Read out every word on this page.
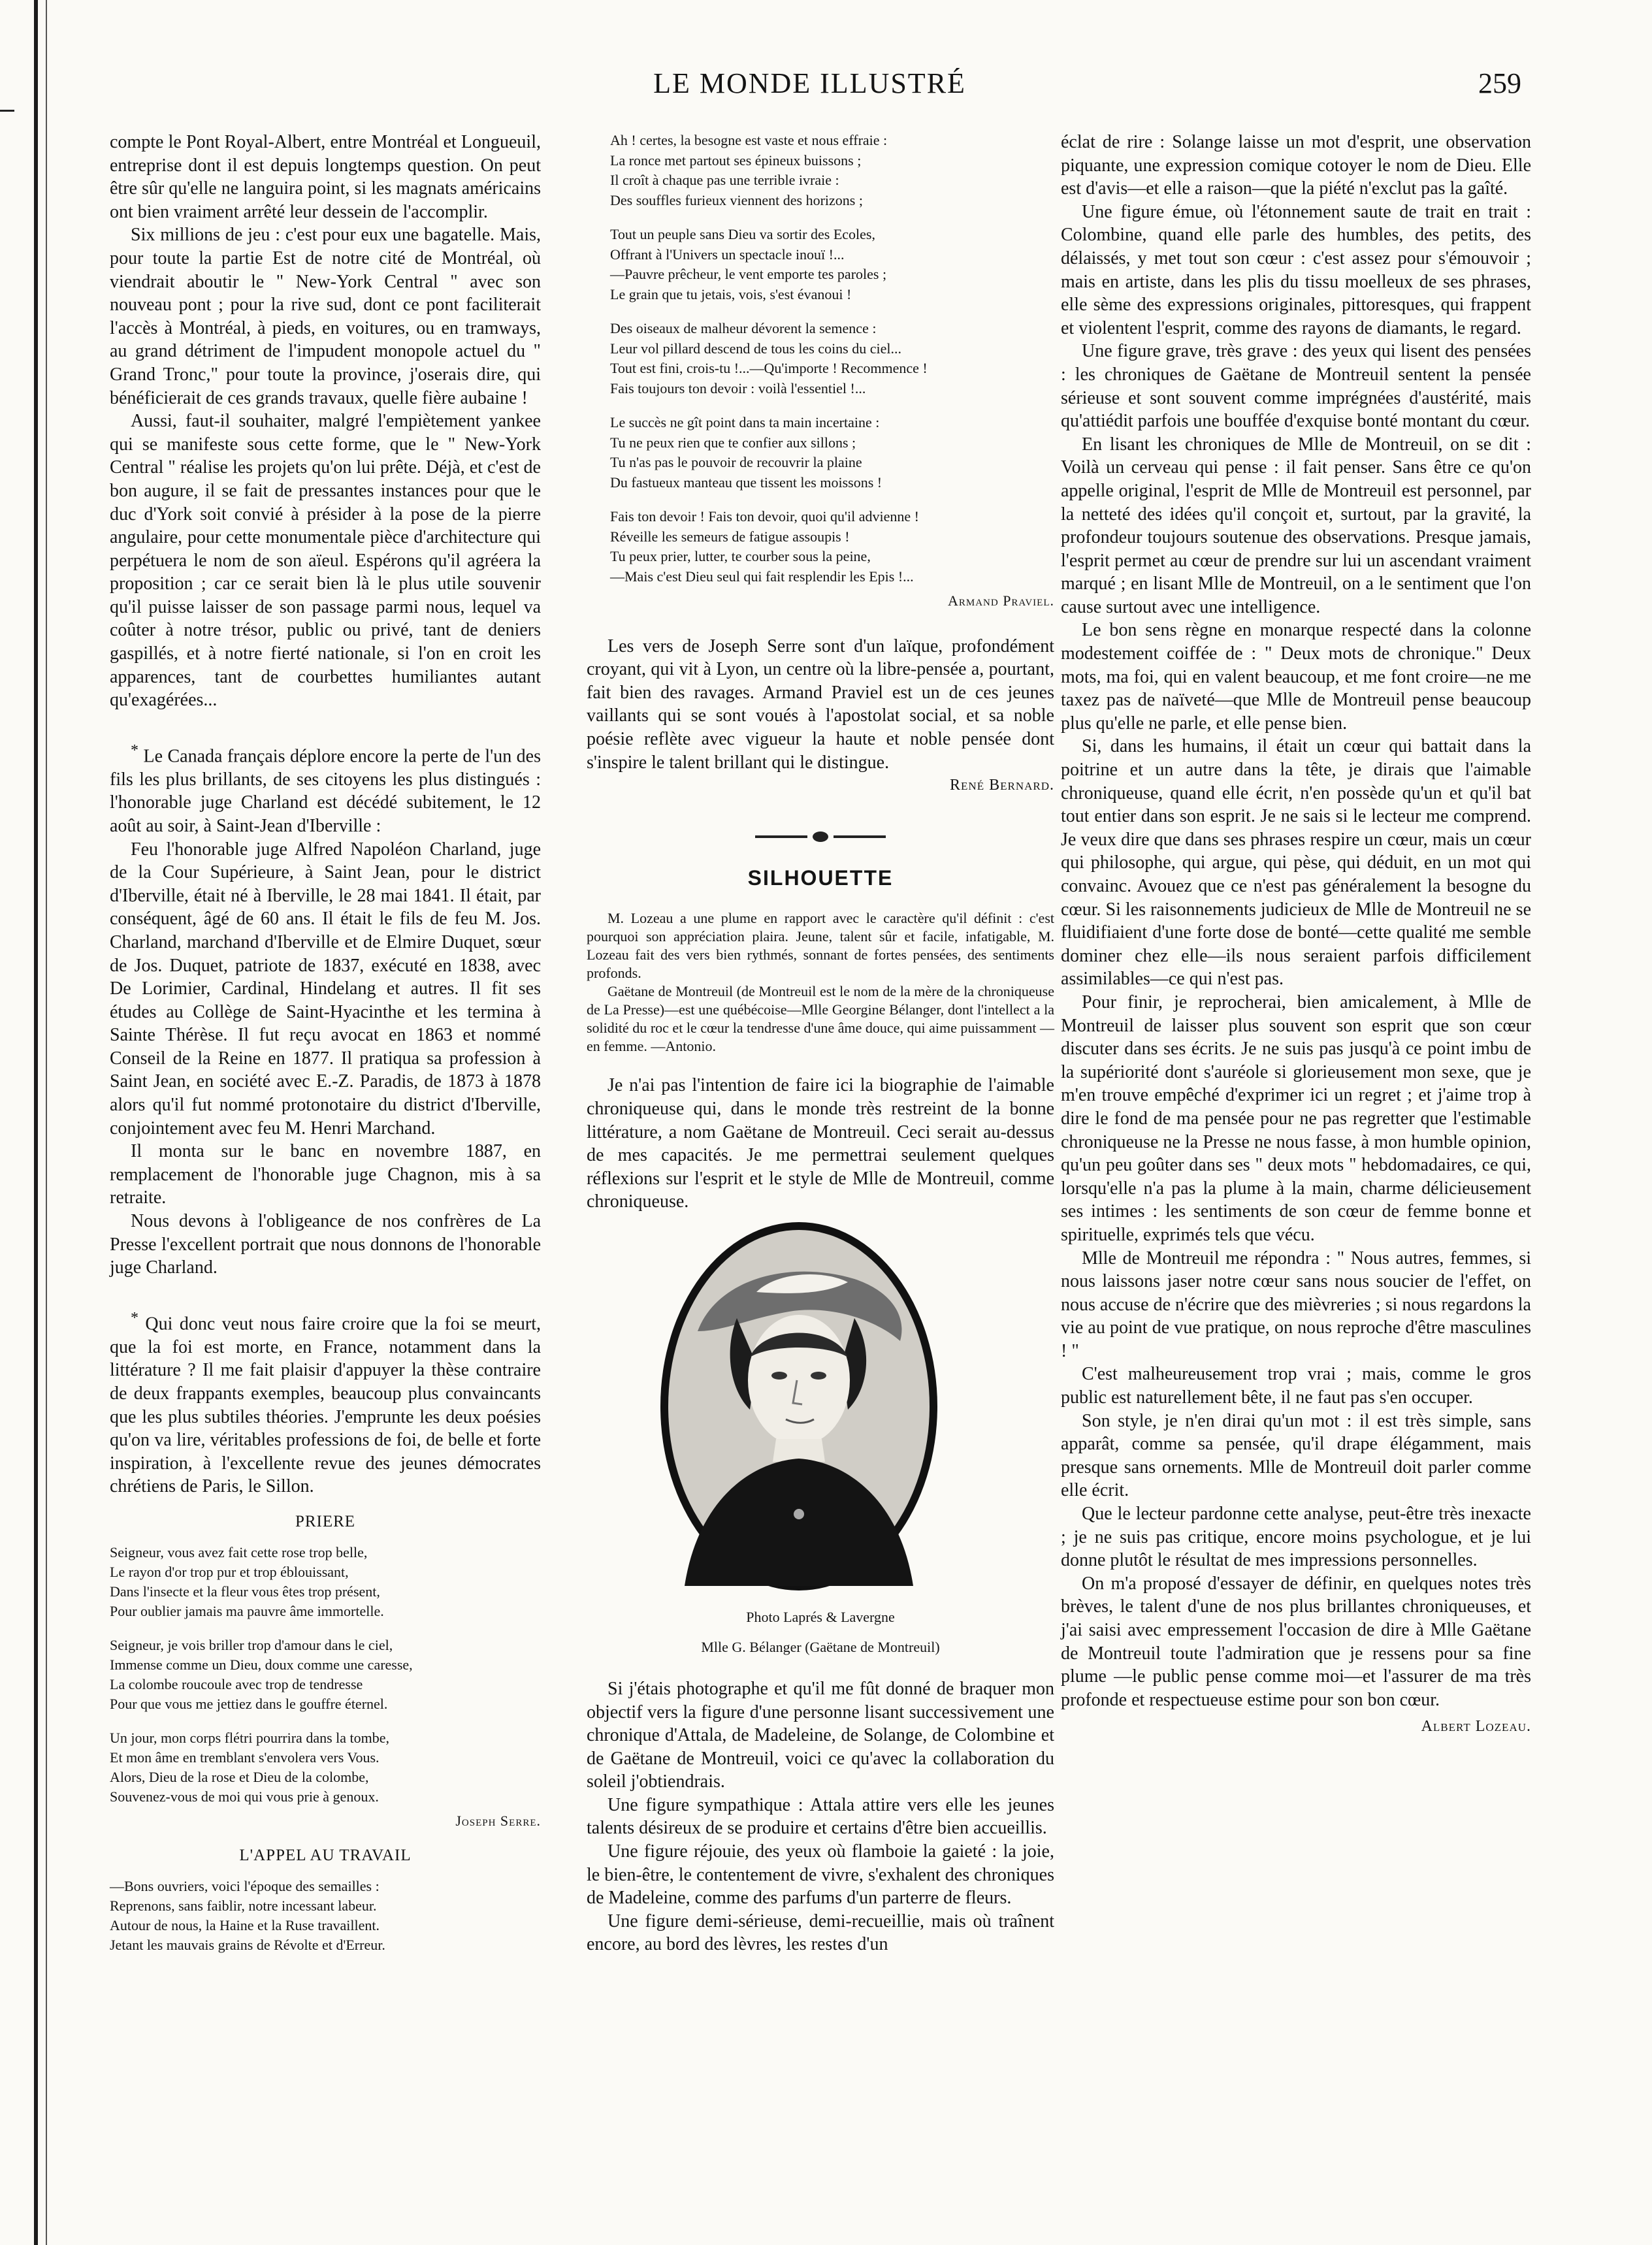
LE MONDE ILLUSTRÉ	259

compte le Pont Royal-Albert, entre Montréal et Longueuil, entreprise dont il est depuis longtemps question. On peut être sûr qu'elle ne languira point, si les magnats américains ont bien vraiment arrêté leur dessein de l'accomplir.

Six millions de jeu : c'est pour eux une bagatelle. Mais, pour toute la partie Est de notre cité de Montréal, où viendrait aboutir le " New-York Central " avec son nouveau pont ; pour la rive sud, dont ce pont faciliterait l'accès à Montréal, à pieds, en voitures, ou en tramways, au grand détriment de l'impudent monopole actuel du " Grand Tronc," pour toute la province, j'oserais dire, qui bénéficierait de ces grands travaux, quelle fière aubaine !

Aussi, faut-il souhaiter, malgré l'empiètement yankee qui se manifeste sous cette forme, que le " New-York Central " réalise les projets qu'on lui prête. Déjà, et c'est de bon augure, il se fait de pressantes instances pour que le duc d'York soit convié à présider à la pose de la pierre angulaire, pour cette monumentale pièce d'architecture qui perpétuera le nom de son aïeul. Espérons qu'il agréera la proposition ; car ce serait bien là le plus utile souvenir qu'il puisse laisser de son passage parmi nous, lequel va coûter à notre trésor, public ou privé, tant de deniers gaspillés, et à notre fierté nationale, si l'on en croit les apparences, tant de courbettes humiliantes autant qu'exagérées...

* Le Canada français déplore encore la perte de l'un des fils les plus brillants, de ses citoyens les plus distingués : l'honorable juge Charland est décédé subitement, le 12 août au soir, à Saint-Jean d'Iberville :

Feu l'honorable juge Alfred Napoléon Charland, juge de la Cour Supérieure, à Saint Jean, pour le district d'Iberville, était né à Iberville, le 28 mai 1841. Il était, par conséquent, âgé de 60 ans. Il était le fils de feu M. Jos. Charland, marchand d'Iberville et de Elmire Duquet, sœur de Jos. Duquet, patriote de 1837, exécuté en 1838, avec De Lorimier, Cardinal, Hindelang et autres. Il fit ses études au Collège de Saint-Hyacinthe et les termina à Sainte Thérèse. Il fut reçu avocat en 1863 et nommé Conseil de la Reine en 1877. Il pratiqua sa profession à Saint Jean, en société avec E.-Z. Paradis, de 1873 à 1878 alors qu'il fut nommé protonotaire du district d'Iberville, conjointement avec feu M. Henri Marchand.

Il monta sur le banc en novembre 1887, en remplacement de l'honorable juge Chagnon, mis à sa retraite.

Nous devons à l'obligeance de nos confrères de La Presse l'excellent portrait que nous donnons de l'honorable juge Charland.

* Qui donc veut nous faire croire que la foi se meurt, que la foi est morte, en France, notamment dans la littérature ? Il me fait plaisir d'appuyer la thèse contraire de deux frappants exemples, beaucoup plus convaincants que les plus subtiles théories. J'emprunte les deux poésies qu'on va lire, véritables professions de foi, de belle et forte inspiration, à l'excellente revue des jeunes démocrates chrétiens de Paris, le Sillon.

PRIERE
Seigneur, vous avez fait cette rose trop belle,
Le rayon d'or trop pur et trop éblouissant,
Dans l'insecte et la fleur vous êtes trop présent,
Pour oublier jamais ma pauvre âme immortelle.
Seigneur, je vois briller trop d'amour dans le ciel,
Immense comme un Dieu, doux comme une caresse,
La colombe roucoule avec trop de tendresse
Pour que vous me jettiez dans le gouffre éternel.
Un jour, mon corps flétri pourrira dans la tombe,
Et mon âme en tremblant s'envolera vers Vous.
Alors, Dieu de la rose et Dieu de la colombe,
Souvenez-vous de moi qui vous prie à genoux.
Joseph Serre.
L'APPEL AU TRAVAIL
—Bons ouvriers, voici l'époque des semailles :
Reprenons, sans faiblir, notre incessant labeur.
Autour de nous, la Haine et la Ruse travaillent.
Jetant les mauvais grains de Révolte et d'Erreur.
Ah ! certes, la besogne est vaste et nous effraie :
La ronce met partout ses épineux buissons ;
Il croît à chaque pas une terrible ivraie :
Des souffles furieux viennent des horizons ;
Tout un peuple sans Dieu va sortir des Ecoles,
Offrant à l'Univers un spectacle inouï !...
—Pauvre prêcheur, le vent emporte tes paroles ;
Le grain que tu jetais, vois, s'est évanoui !
Des oiseaux de malheur dévorent la semence :
Leur vol pillard descend de tous les coins du ciel...
Tout est fini, crois-tu !...—Qu'importe ! Recommence !
Fais toujours ton devoir : voilà l'essentiel !...
Le succès ne gît point dans ta main incertaine :
Tu ne peux rien que te confier aux sillons ;
Tu n'as pas le pouvoir de recouvrir la plaine
Du fastueux manteau que tissent les moissons !
Fais ton devoir ! Fais ton devoir, quoi qu'il advienne !
Réveille les semeurs de fatigue assoupis !
Tu peux prier, lutter, te courber sous la peine,
—Mais c'est Dieu seul qui fait resplendir les Epis !...
Armand Praviel.

Les vers de Joseph Serre sont d'un laïque, profondément croyant, qui vit à Lyon, un centre où la libre-pensée a, pourtant, fait bien des ravages. Armand Praviel est un de ces jeunes vaillants qui se sont voués à l'apostolat social, et sa noble poésie reflète avec vigueur la haute et noble pensée dont s'inspire le talent brillant qui le distingue.

René Bernard.
SILHOUETTE

M. Lozeau a une plume en rapport avec le caractère qu'il définit : c'est pourquoi son appréciation plaira. Jeune, talent sûr et facile, infatigable, M. Lozeau fait des vers bien rythmés, sonnant de fortes pensées, des sentiments profonds.

Gaëtane de Montreuil (de Montreuil est le nom de la mère de la chroniqueuse de La Presse)—est une québécoise—Mlle Georgine Bélanger, dont l'intellect a la solidité du roc et le cœur la tendresse d'une âme douce, qui aime puissamment —en femme. —Antonio.

Je n'ai pas l'intention de faire ici la biographie de l'aimable chroniqueuse qui, dans le monde très restreint de la bonne littérature, a nom Gaëtane de Montreuil. Ceci serait au-dessus de mes capacités. Je me permettrai seulement quelques réflexions sur l'esprit et le style de Mlle de Montreuil, comme chroniqueuse.

Photo Laprés & Lavergne
Mlle G. Bélanger (Gaëtane de Montreuil)

Si j'étais photographe et qu'il me fût donné de braquer mon objectif vers la figure d'une personne lisant successivement une chronique d'Attala, de Madeleine, de Solange, de Colombine et de Gaëtane de Montreuil, voici ce qu'avec la collaboration du soleil j'obtiendrais.

Une figure sympathique : Attala attire vers elle les jeunes talents désireux de se produire et certains d'être bien accueillis.

Une figure réjouie, des yeux où flamboie la gaieté : la joie, le bien-être, le contentement de vivre, s'exhalent des chroniques de Madeleine, comme des parfums d'un parterre de fleurs.

Une figure demi-sérieuse, demi-recueillie, mais où traînent encore, au bord des lèvres, les restes d'un

éclat de rire : Solange laisse un mot d'esprit, une observation piquante, une expression comique cotoyer le nom de Dieu. Elle est d'avis—et elle a raison—que la piété n'exclut pas la gaîté.

Une figure émue, où l'étonnement saute de trait en trait : Colombine, quand elle parle des humbles, des petits, des délaissés, y met tout son cœur : c'est assez pour s'émouvoir ; mais en artiste, dans les plis du tissu moelleux de ses phrases, elle sème des expressions originales, pittoresques, qui frappent et violentent l'esprit, comme des rayons de diamants, le regard.

Une figure grave, très grave : des yeux qui lisent des pensées : les chroniques de Gaëtane de Montreuil sentent la pensée sérieuse et sont souvent comme imprégnées d'austérité, mais qu'attiédit parfois une bouffée d'exquise bonté montant du cœur.

En lisant les chroniques de Mlle de Montreuil, on se dit : Voilà un cerveau qui pense : il fait penser. Sans être ce qu'on appelle original, l'esprit de Mlle de Montreuil est personnel, par la netteté des idées qu'il conçoit et, surtout, par la gravité, la profondeur toujours soutenue des observations. Presque jamais, l'esprit permet au cœur de prendre sur lui un ascendant vraiment marqué ; en lisant Mlle de Montreuil, on a le sentiment que l'on cause surtout avec une intelligence.

Le bon sens règne en monarque respecté dans la colonne modestement coiffée de : " Deux mots de chronique." Deux mots, ma foi, qui en valent beaucoup, et me font croire—ne me taxez pas de naïveté—que Mlle de Montreuil pense beaucoup plus qu'elle ne parle, et elle pense bien.

Si, dans les humains, il était un cœur qui battait dans la poitrine et un autre dans la tête, je dirais que l'aimable chroniqueuse, quand elle écrit, n'en possède qu'un et qu'il bat tout entier dans son esprit. Je ne sais si le lecteur me comprend. Je veux dire que dans ses phrases respire un cœur, mais un cœur qui philosophe, qui argue, qui pèse, qui déduit, en un mot qui convainc. Avouez que ce n'est pas généralement la besogne du cœur. Si les raisonnements judicieux de Mlle de Montreuil ne se fluidifiaient d'une forte dose de bonté—cette qualité me semble dominer chez elle—ils nous seraient parfois difficilement assimilables—ce qui n'est pas.

Pour finir, je reprocherai, bien amicalement, à Mlle de Montreuil de laisser plus souvent son esprit que son cœur discuter dans ses écrits. Je ne suis pas jusqu'à ce point imbu de la supériorité dont s'auréole si glorieusement mon sexe, que je m'en trouve empêché d'exprimer ici un regret ; et j'aime trop à dire le fond de ma pensée pour ne pas regretter que l'estimable chroniqueuse ne la Presse ne nous fasse, à mon humble opinion, qu'un peu goûter dans ses " deux mots " hebdomadaires, ce qui, lorsqu'elle n'a pas la plume à la main, charme délicieusement ses intimes : les sentiments de son cœur de femme bonne et spirituelle, exprimés tels que vécu.

Mlle de Montreuil me répondra : " Nous autres, femmes, si nous laissons jaser notre cœur sans nous soucier de l'effet, on nous accuse de n'écrire que des mièvreries ; si nous regardons la vie au point de vue pratique, on nous reproche d'être masculines ! "

C'est malheureusement trop vrai ; mais, comme le gros public est naturellement bête, il ne faut pas s'en occuper.

Son style, je n'en dirai qu'un mot : il est très simple, sans apparât, comme sa pensée, qu'il drape élégamment, mais presque sans ornements. Mlle de Montreuil doit parler comme elle écrit.

Que le lecteur pardonne cette analyse, peut-être très inexacte ; je ne suis pas critique, encore moins psychologue, et je lui donne plutôt le résultat de mes impressions personnelles.

On m'a proposé d'essayer de définir, en quelques notes très brèves, le talent d'une de nos plus brillantes chroniqueuses, et j'ai saisi avec empressement l'occasion de dire à Mlle Gaëtane de Montreuil toute l'admiration que je ressens pour sa fine plume —le public pense comme moi—et l'assurer de ma très profonde et respectueuse estime pour son bon cœur.

Albert Lozeau.
